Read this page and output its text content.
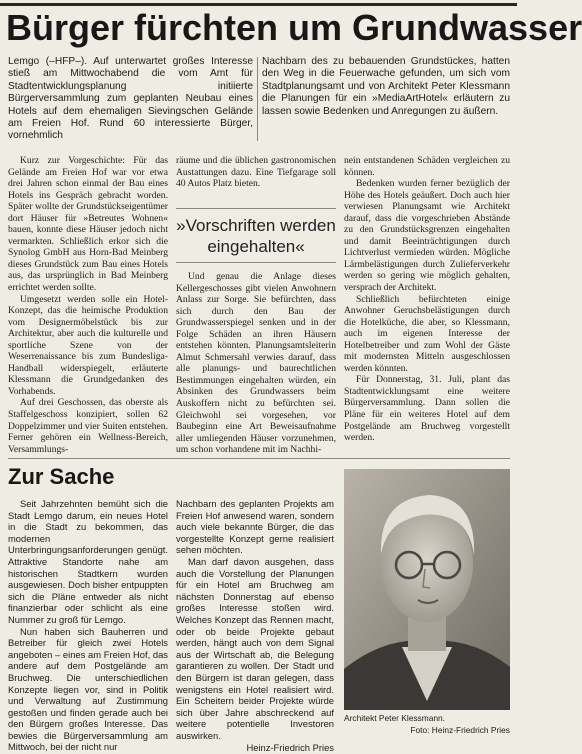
Bürger fürchten um Grundwasser

Lemgo (–HFP–). Auf unterwartet großes Interesse stieß am Mittwochabend die vom Amt für Stadtentwicklungsplanung initiierte Bürgerversammlung zum geplanten Neubau eines Hotels auf dem ehemaligen Sievingschen Gelände am Freien Hof. Rund 60 interessierte Bürger, vornehmlich

Nachbarn des zu bebauenden Grundstückes, hatten den Weg in die Feuerwache gefunden, um sich vom Stadtplanungsamt und von Architekt Peter Klessmann die Planungen für ein »MediaArtHotel« erläutern zu lassen sowie Bedenken und Anregungen zu äußern.

Kurz zur Vorgeschichte: Für das Gelände am Freien Hof war vor etwa drei Jahren schon einmal der Bau eines Hotels ins Gespräch gebracht worden. Später wollte der Grundstückseigentümer dort Häuser für »Betreutes Wohnen« bauen, konnte diese Häuser jedoch nicht vermarkten. Schließlich erkor sich die Synolog GmbH aus Horn-Bad Meinberg dieses Grundstück zum Bau eines Hotels aus, das ursprünglich in Bad Meinberg errichtet werden sollte.

Umgesetzt werden solle ein Hotel-Konzept, das die heimische Produktion vom Designermöbelstück bis zur Architektur, aber auch die kulturelle und sportliche Szene von der Weserrenaissance bis zum Bundesliga-Handball widerspiegelt, erläuterte Klessmann die Grundgedanken des Vorhabends.

Auf drei Geschossen, das oberste als Staffelgeschoss konzipiert, sollen 62 Doppelzimmer und vier Suiten entstehen. Ferner gehören ein Wellness-Bereich, Versammlungs-

räume und die üblichen gastronomischen Austattungen dazu. Eine Tiefgarage soll 40 Autos Platz bieten.

»Vorschriften werden eingehalten«

Und genau die Anlage dieses Kellergeschosses gibt vielen Anwohnern Anlass zur Sorge. Sie befürchten, dass sich durch den Bau der Grundwasserspiegel senken und in der Folge Schäden an ihren Häusern entstehen könnten. Planungsamtsleiterin Almut Schmersahl verwies darauf, dass alle planungs- und baurechtlichen Bestimmungen eingehalten würden, ein Absinken des Grundwassers beim Auskoffern nicht zu befürchten sei. Gleichwohl sei vorgesehen, vor Baubeginn eine Art Beweisaufnahme aller umliegenden Häuser vorzunehmen, um schon vorhandene mit im Nachhi-

nein entstandenen Schäden vergleichen zu können.

Bedenken wurden ferner bezüglich der Höhe des Hotels geäußert. Doch auch hier verwiesen Planungsamt wie Architekt darauf, dass die vorgeschrieben Abstände zu den Grundstücksgrenzen eingehalten und damit Beeinträchtigungen durch Lichtverlust vermieden würden. Mögliche Lärmbelästigungen durch Zulieferverkehr werden so gering wie möglich gehalten, versprach der Architekt.

Schließlich befürchteten einige Anwohner Geruchsbelästigungen durch die Hotelküche, die aber, so Klessmann, auch im eigenen Interesse der Hotelbetreiber und zum Wohl der Gäste mit modernsten Mitteln ausgeschlossen werden könnten.

Für Donnerstag, 31. Juli, plant das Stadtentwicklungsamt eine weitere Bürgerversammlung. Dann sollen die Pläne für ein weiteres Hotel auf dem Postgelände am Bruchweg vorgestellt werden.

Zur Sache

Seit Jahrzehnten bemüht sich die Stadt Lemgo darum, ein neues Hotel in die Stadt zu bekommen, das modernen Unterbringungsanforderungen genügt. Attraktive Standorte nahe am historischen Stadtkern wurden ausgewiesen. Doch bisher entpuppten sich die Pläne entweder als nicht finanzierbar oder schlicht als eine Nummer zu groß für Lemgo.

Nun haben sich Bauherren und Betreiber für gleich zwei Hotels angeboten – eines am Freien Hof, das andere auf dem Postgelände am Bruchweg. Die unterschiedlichen Konzepte liegen vor, sind in Politik und Verwaltung auf Zustimmung gestoßen und finden gerade auch bei den Bürgern großes Interesse. Das bewies die Bürgerversammlung am Mittwoch, bei der nicht nur

Nachbarn des geplanten Projekts am Freien Hof anwesend waren, sondern auch viele bekannte Bürger, die das vorgestellte Konzept gerne realisiert sehen möchten.

Man darf davon ausgehen, dass auch die Vorstellung der Planungen für ein Hotel am Bruchweg am nächsten Donnerstag auf ebenso großes Interesse stoßen wird. Welches Konzept das Rennen macht, oder ob beide Projekte gebaut werden, hängt auch von dem Signal aus der Wirtschaft ab, die Belegung garantieren zu wollen. Der Stadt und den Bürgern ist daran gelegen, dass wenigstens ein Hotel realisiert wird. Ein Scheitern beider Projekte würde sich über Jahre abschreckend auf weitere potentielle Investoren auswirken.

Heinz-Friedrich Pries
Architekt Peter Klessmann.
Foto: Heinz-Friedrich Pries
